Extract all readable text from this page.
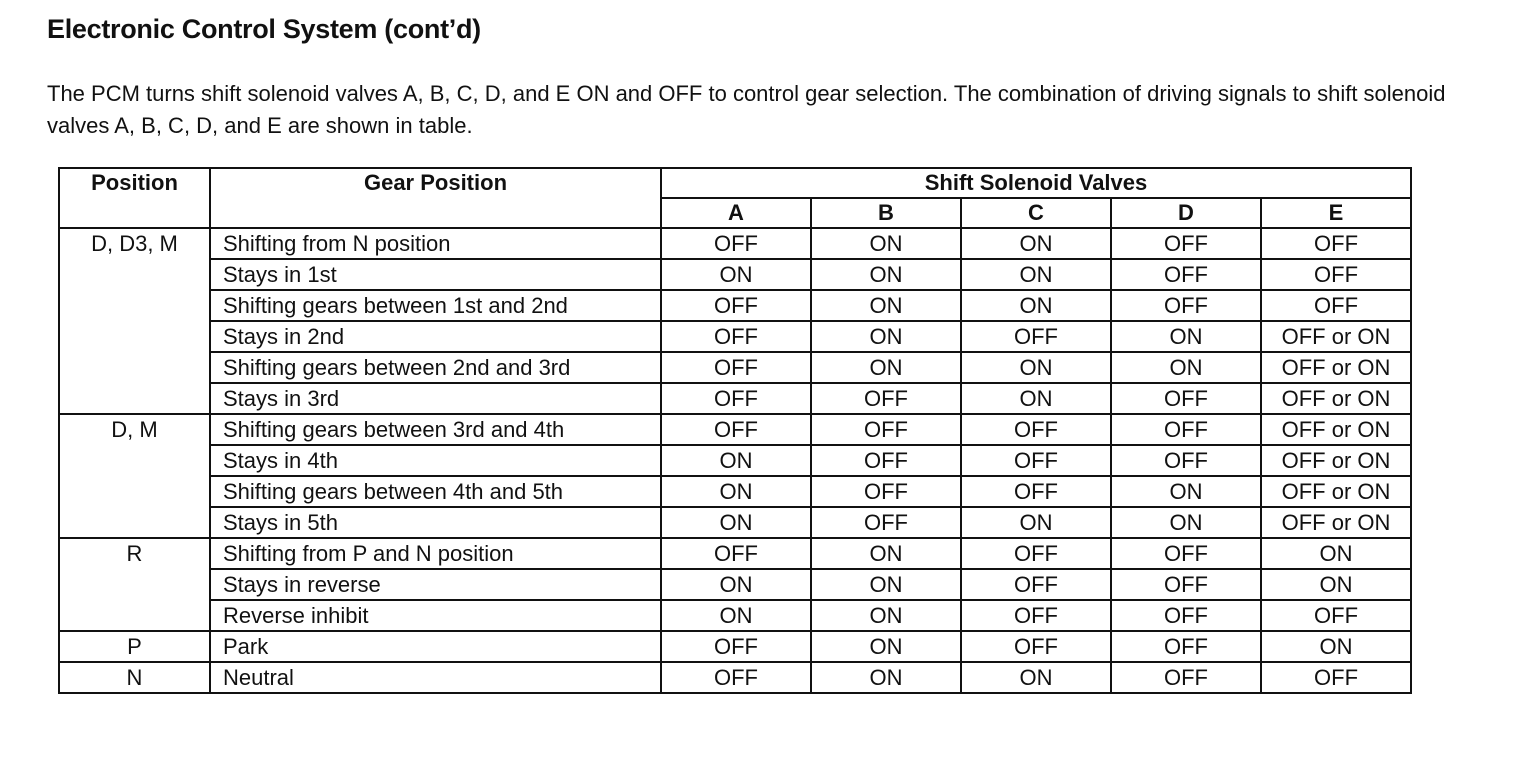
Electronic Control System (cont’d)

The PCM turns shift solenoid valves A, B, C, D, and E ON and OFF to control gear selection. The combination of driving signals to shift solenoid valves A, B, C, D, and E are shown in table.

Position	Gear Position	Shift Solenoid Valves				
		A	B	C	D	E
D, D3, M	Shifting from N position	OFF	ON	ON	OFF	OFF
	Stays in 1st	ON	ON	ON	OFF	OFF
	Shifting gears between 1st and 2nd	OFF	ON	ON	OFF	OFF
	Stays in 2nd	OFF	ON	OFF	ON	OFF or ON
	Shifting gears between 2nd and 3rd	OFF	ON	ON	ON	OFF or ON
	Stays in 3rd	OFF	OFF	ON	OFF	OFF or ON
D, M	Shifting gears between 3rd and 4th	OFF	OFF	OFF	OFF	OFF or ON
	Stays in 4th	ON	OFF	OFF	OFF	OFF or ON
	Shifting gears between 4th and 5th	ON	OFF	OFF	ON	OFF or ON
	Stays in 5th	ON	OFF	ON	ON	OFF or ON
R	Shifting from P and N position	OFF	ON	OFF	OFF	ON
	Stays in reverse	ON	ON	OFF	OFF	ON
	Reverse inhibit	ON	ON	OFF	OFF	OFF
P	Park	OFF	ON	OFF	OFF	ON
N	Neutral	OFF	ON	ON	OFF	OFF
